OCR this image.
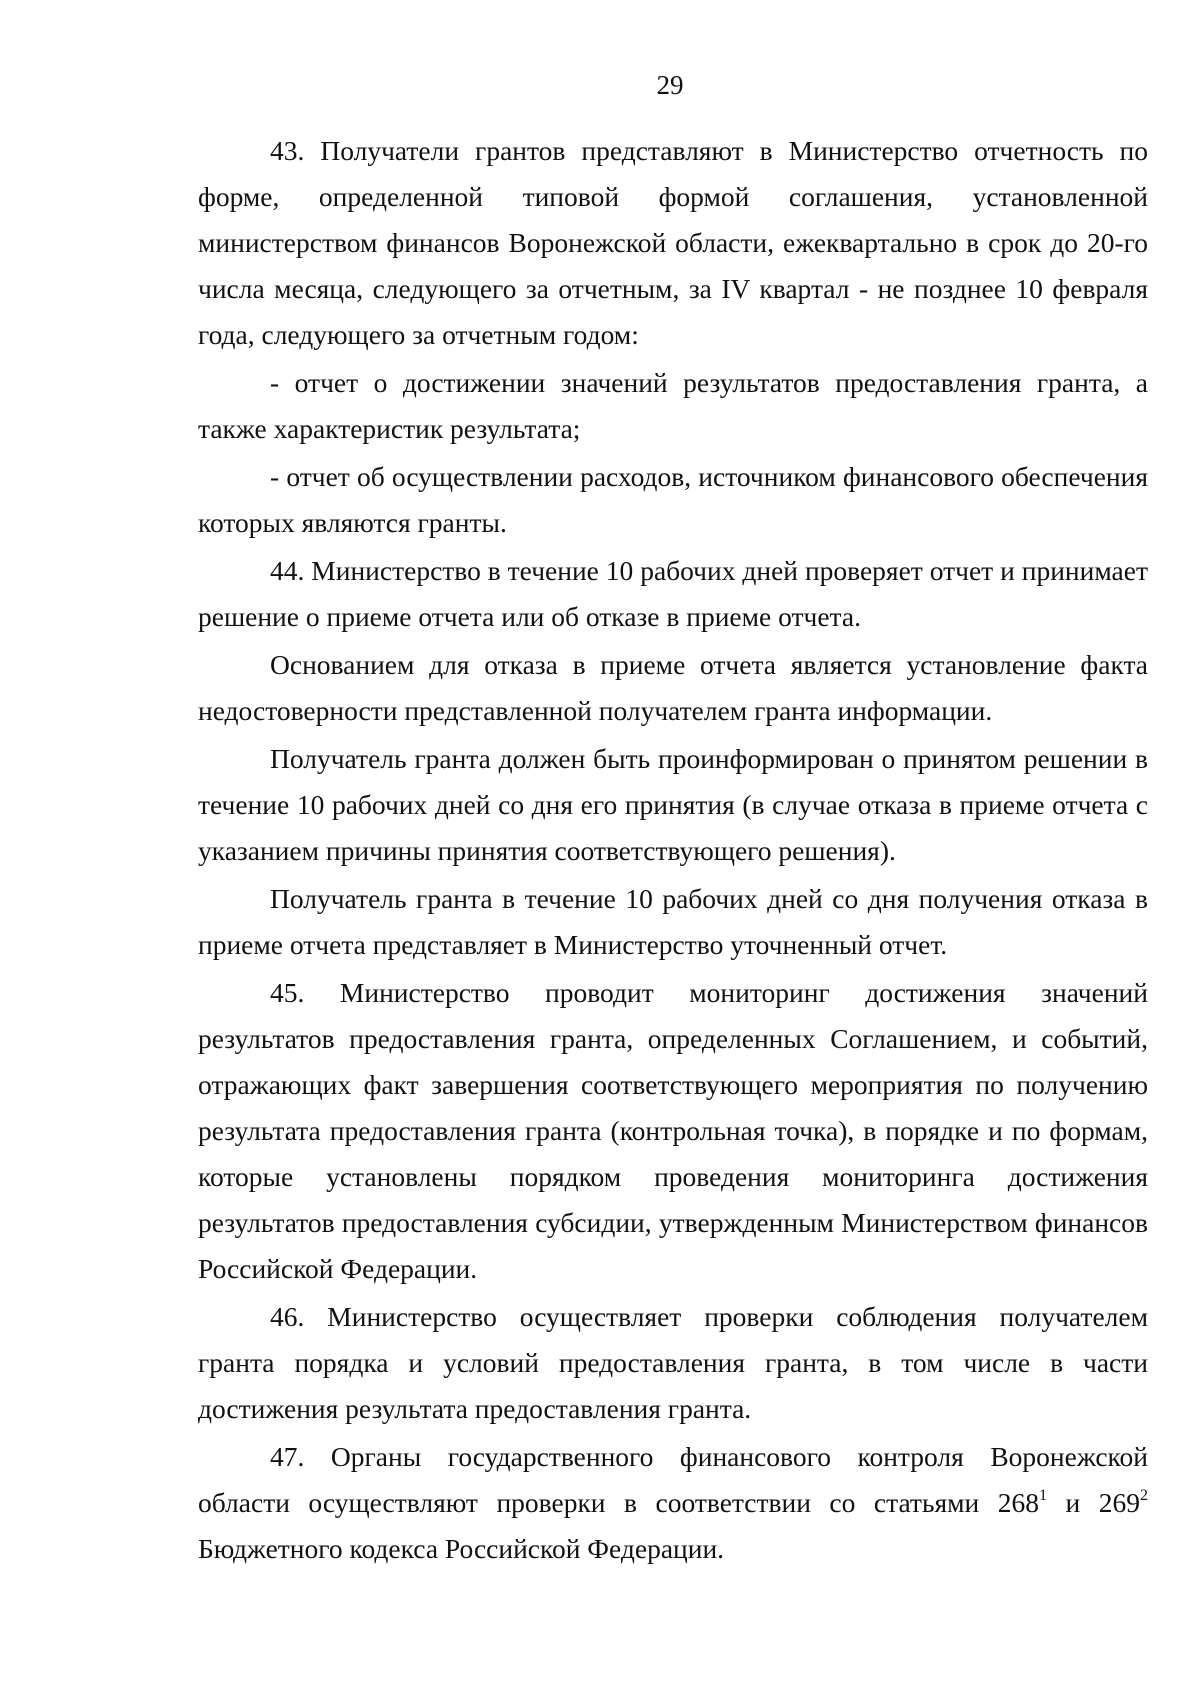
29

43. Получатели грантов представляют в Министерство отчетность по форме, определенной типовой формой соглашения, установленной министерством финансов Воронежской области, ежеквартально в срок до 20-го числа месяца, следующего за отчетным, за IV квартал - не позднее 10 февраля года, следующего за отчетным годом:

- отчет о достижении значений результатов предоставления гранта, а также характеристик результата;

- отчет об осуществлении расходов, источником финансового обеспечения которых являются гранты.

44. Министерство в течение 10 рабочих дней проверяет отчет и принимает решение о приеме отчета или об отказе в приеме отчета.

Основанием для отказа в приеме отчета является установление факта недостоверности представленной получателем гранта информации.

Получатель гранта должен быть проинформирован о принятом решении в течение 10 рабочих дней со дня его принятия (в случае отказа в приеме отчета с указанием причины принятия соответствующего решения).

Получатель гранта в течение 10 рабочих дней со дня получения отказа в приеме отчета представляет в Министерство уточненный отчет.

45. Министерство проводит мониторинг достижения значений результатов предоставления гранта, определенных Соглашением, и событий, отражающих факт завершения соответствующего мероприятия по получению результата предоставления гранта (контрольная точка), в порядке и по формам, которые установлены порядком проведения мониторинга достижения результатов предоставления субсидии, утвержденным Министерством финансов Российской Федерации.

46. Министерство осуществляет проверки соблюдения получателем гранта порядка и условий предоставления гранта, в том числе в части достижения результата предоставления гранта.

47. Органы государственного финансового контроля Воронежской области осуществляют проверки в соответствии со статьями $268^1$ и $269^2$ Бюджетного кодекса Российской Федерации.
